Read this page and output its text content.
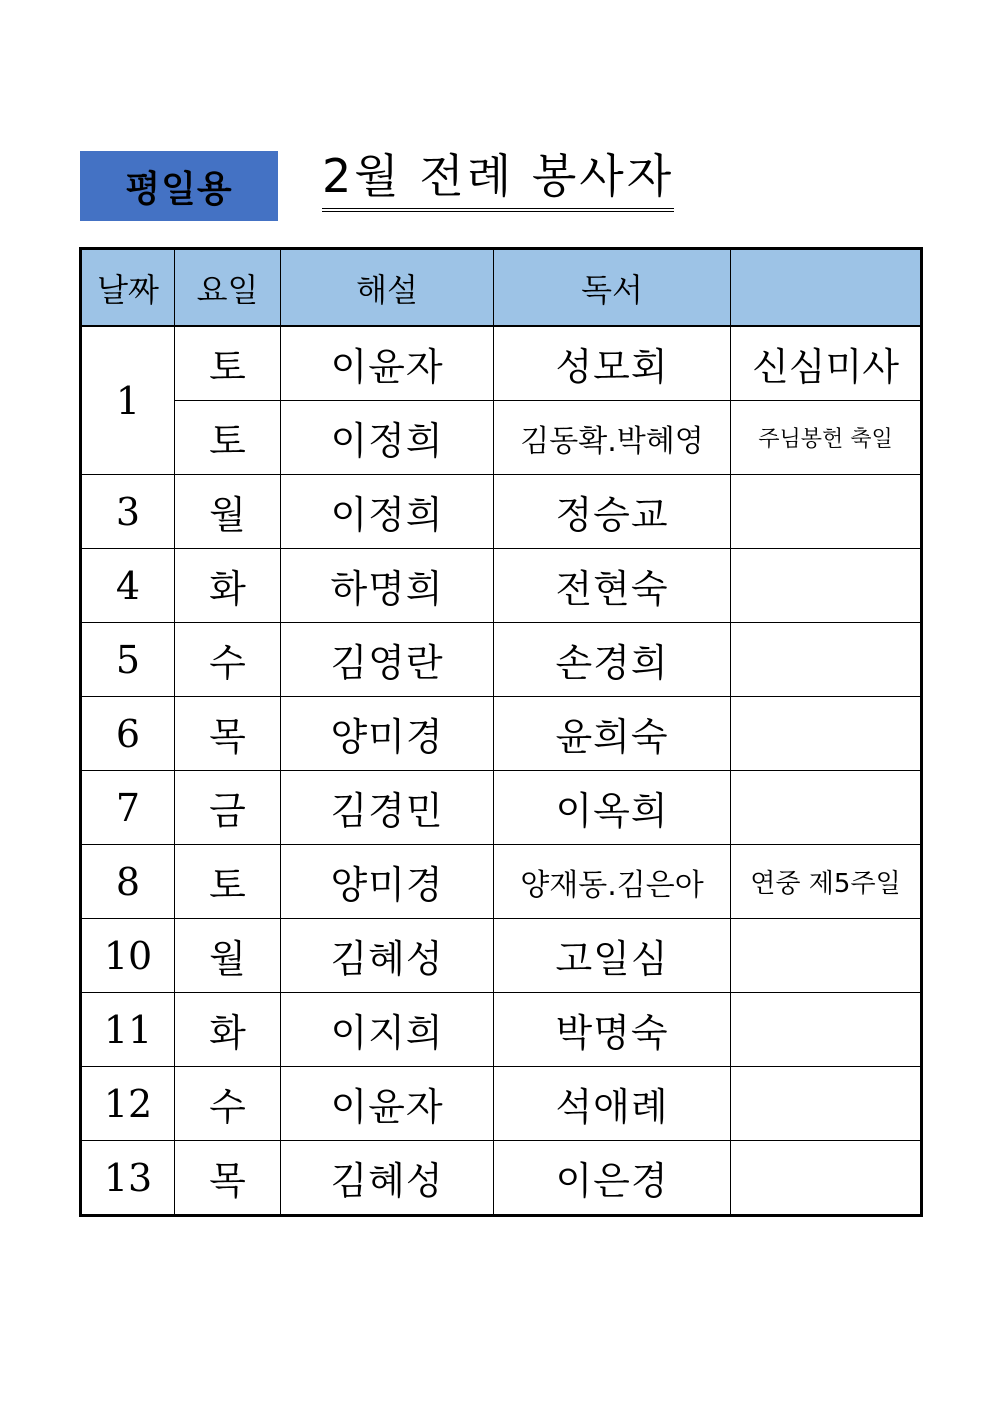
평일용	2월 전례 봉사자
날짜	요일	해설	독서	
1	토	이윤자	성모회	신심미사
	토	이정희	김동확.박혜영	주님봉헌 축일
3	월	이정희	정승교	
4	화	하명희	전현숙	
5	수	김영란	손경희	
6	목	양미경	윤희숙	
7	금	김경민	이옥희	
8	토	양미경	양재동.김은아	연중 제5주일
10	월	김혜성	고일심	
11	화	이지희	박명숙	
12	수	이윤자	석애례	
13	목	김혜성	이은경	
